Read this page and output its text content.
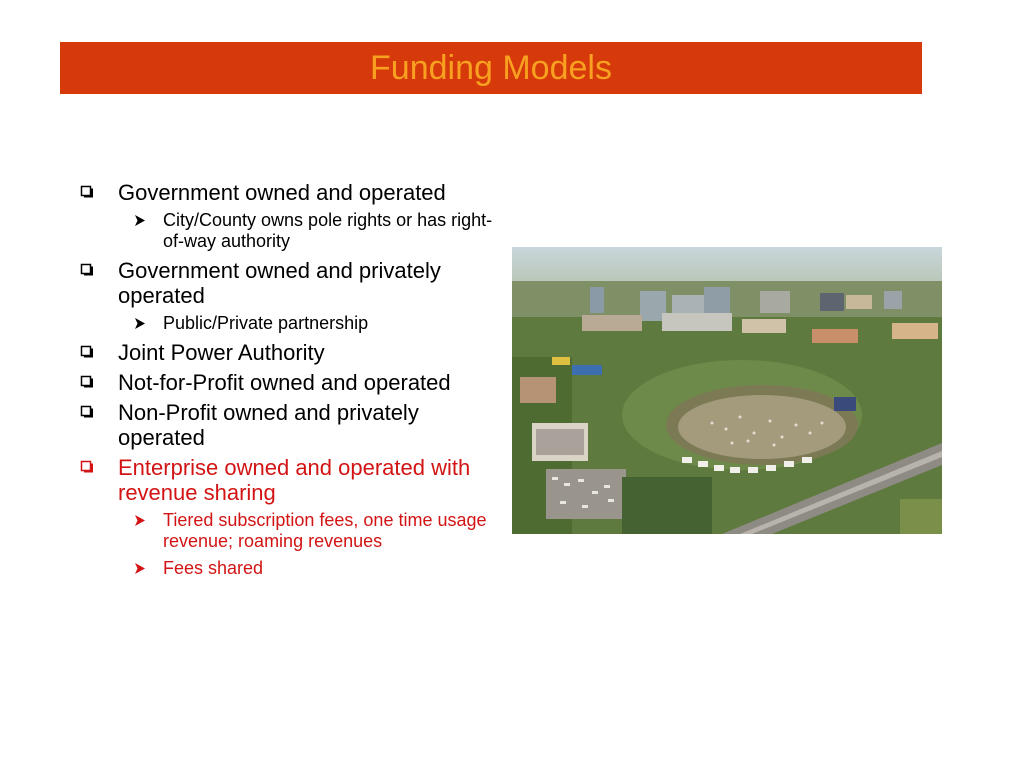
Funding Models
Government owned and operated
City/County owns pole rights or has right-of-way authority
Government owned and privately operated
Public/Private partnership
Joint Power Authority
Not-for-Profit owned and operated
Non-Profit owned and privately operated
Enterprise owned and operated with revenue sharing
Tiered subscription fees, one time usage revenue; roaming revenues
Fees shared
